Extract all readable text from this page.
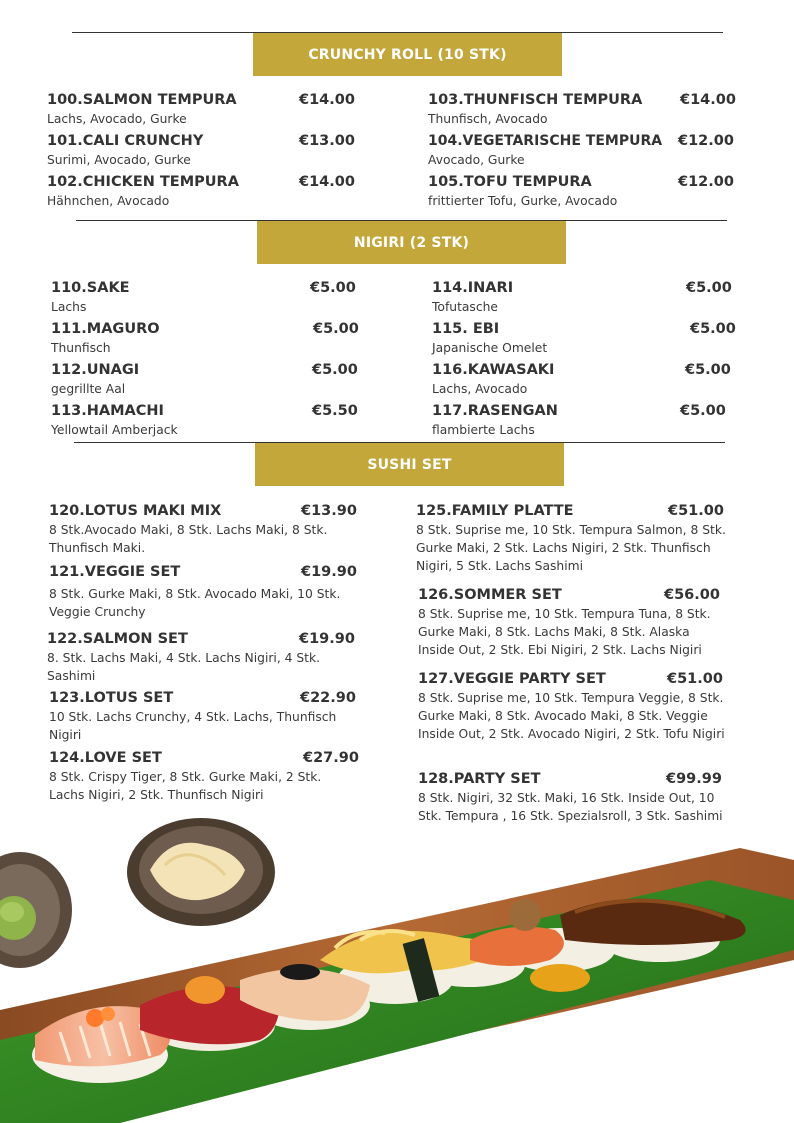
CRUNCHY ROLL (10 STK)
100.SALMON TEMPURA	€14.00
Lachs, Avocado, Gurke
101.CALI CRUNCHY	€13.00
Surimi, Avocado, Gurke
102.CHICKEN TEMPURA	€14.00
Hähnchen, Avocado
103.THUNFISCH TEMPURA	€14.00
Thunfisch, Avocado
104.VEGETARISCHE TEMPURA €12.00
Avocado, Gurke
105.TOFU TEMPURA	€12.00
frittierter Tofu, Gurke, Avocado
NIGIRI (2 STK)
110.SAKE	€5.00
Lachs
111.MAGURO	€5.00
Thunfisch
112.UNAGI	€5.00
gegrillte Aal
113.HAMACHI	€5.50
Yellowtail Amberjack
114.INARI	€5.00
Tofutasche
115. EBI	€5.00
Japanische Omelet
116.KAWASAKI	€5.00
Lachs, Avocado
117.RASENGAN	€5.00
flambierte Lachs
SUSHI SET
120.LOTUS MAKI MIX	€13.90
8 Stk.Avocado Maki, 8 Stk. Lachs Maki, 8 Stk. Thunfisch Maki.
121.VEGGIE SET	€19.90
8 Stk. Gurke Maki, 8 Stk. Avocado Maki, 10 Stk. Veggie Crunchy
122.SALMON SET	€19.90
8. Stk. Lachs Maki, 4 Stk. Lachs Nigiri, 4 Stk. Sashimi
123.LOTUS SET	€22.90
10 Stk. Lachs Crunchy, 4 Stk. Lachs, Thunfisch Nigiri
124.LOVE SET	€27.90
8 Stk. Crispy Tiger, 8 Stk. Gurke Maki, 2 Stk. Lachs Nigiri, 2 Stk. Thunfisch Nigiri
125.FAMILY PLATTE	€51.00
8 Stk. Suprise me, 10 Stk. Tempura Salmon, 8 Stk. Gurke Maki, 2 Stk. Lachs Nigiri, 2 Stk. Thunfisch Nigiri, 5 Stk. Lachs Sashimi
126.SOMMER SET	€56.00
8 Stk. Suprise me, 10 Stk. Tempura Tuna, 8 Stk. Gurke Maki, 8 Stk. Lachs Maki, 8 Stk. Alaska Inside Out, 2 Stk. Ebi Nigiri, 2 Stk. Lachs Nigiri
127.VEGGIE PARTY SET	€51.00
8 Stk. Suprise me, 10 Stk. Tempura Veggie, 8 Stk. Gurke Maki, 8 Stk. Avocado Maki, 8 Stk. Veggie Inside Out, 2 Stk. Avocado Nigiri, 2 Stk. Tofu Nigiri
128.PARTY SET	€99.99
8 Stk. Nigiri, 32 Stk. Maki, 16 Stk. Inside Out, 10 Stk. Tempura , 16 Stk. Spezialsroll, 3 Stk. Sashimi
